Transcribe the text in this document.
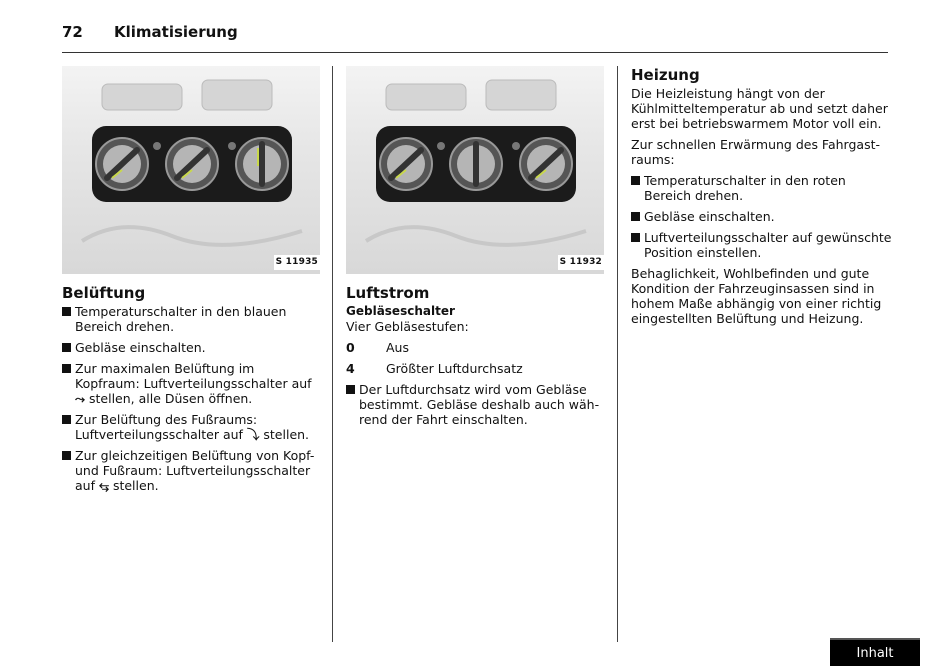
72 Klimatisierung
S 11935
Belüftung
Temperaturschalter in den blauen Bereich drehen.
Gebläse einschalten.
Zur maximalen Belüftung im Kopfraum: Luftverteilungsschalter auf ⤳ stellen, alle Düsen öffnen.
Zur Belüftung des Fußraums: Luftverteilungsschalter auf ⤵ stellen.
Zur gleichzeitigen Belüftung von Kopf- und Fußraum: Luftverteilungsschalter auf ⥃ stellen.
S 11932
Luftstrom
Gebläseschalter

Vier Gebläsestufen:

0	Aus
4	Größter Luftdurchsatz
Der Luftdurchsatz wird vom Gebläse bestimmt. Gebläse deshalb auch während der Fahrt einschalten.
Heizung

Die Heizleistung hängt von der Kühlmitteltemperatur ab und setzt daher erst bei betriebswarmem Motor voll ein.

Zur schnellen Erwärmung des Fahrgastraums:

Temperaturschalter in den roten Bereich drehen.
Gebläse einschalten.
Luftverteilungsschalter auf gewünschte Position einstellen.

Behaglichkeit, Wohlbefinden und gute Kondition der Fahrzeuginsassen sind in hohem Maße abhängig von einer richtig eingestellten Belüftung und Heizung.

Inhalt
